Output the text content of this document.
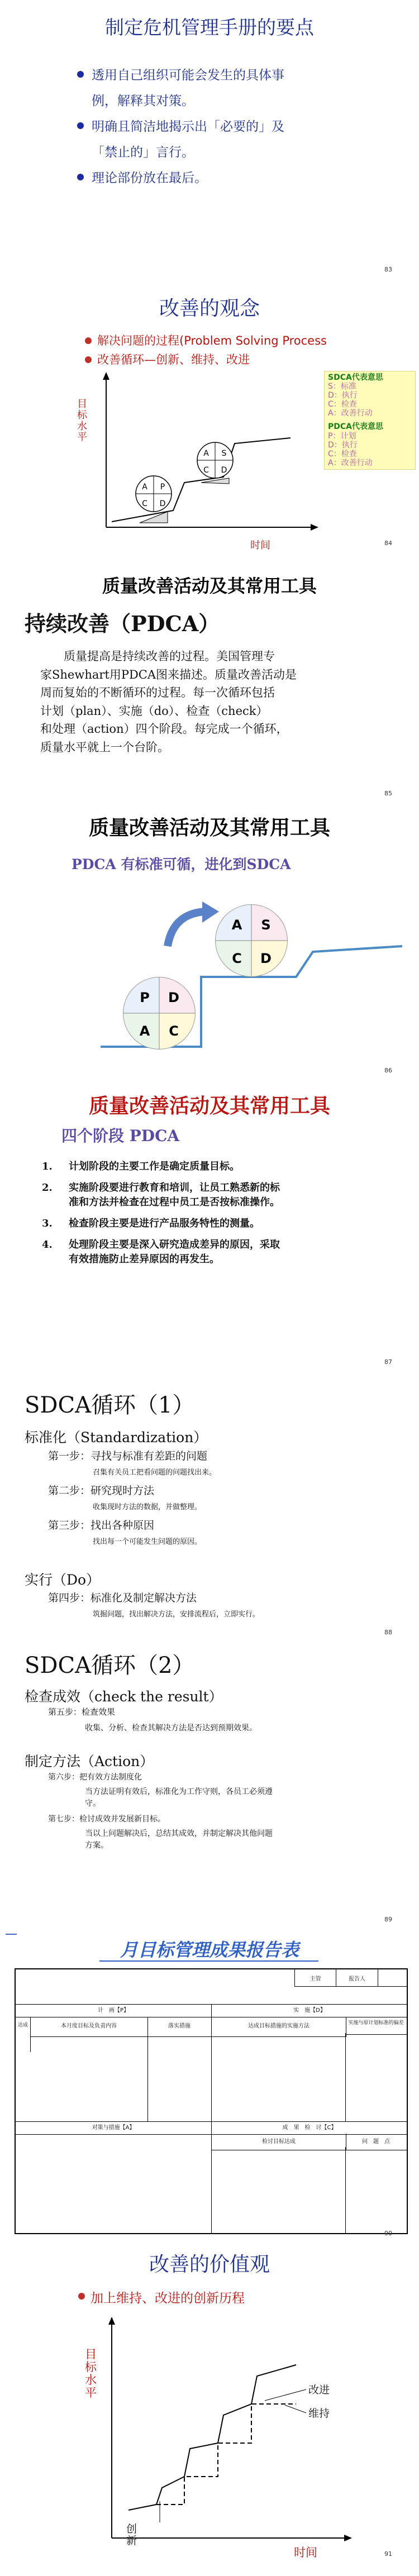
制定危机管理手册的要点
透用自己组织可能会发生的具体事
例，解释其对策。
明确且简洁地揭示出「必要的」及
「禁止的」言行。
理论部份放在最后。
83
改善的观念
解决问题的过程(Problem Solving Process
改善循环—创新、维持、改进
A P
D
C
A S
D
C
目标水平
时间
SDCA代表意思
S：标准
D：执行
C：检查
A：改善行动
PDCA代表意思
P：计划
D：执行
C：检查
A：改善行动
84
质量改善活动及其常用工具
持续改善（PDCA）
质量提高是持续改善的过程。美国管理专
家Shewhart用PDCA图来描述。质量改善活动是
周而复始的不断循环的过程。每一次循环包括
计划（plan）、实施（do）、检查（check）
和处理（action）四个阶段。每完成一个循环，
质量水平就上一个台阶。
85
质量改善活动及其常用工具
PDCA 有标准可循，进化到SDCA
P D
A C
A S
C D
86
质量改善活动及其常用工具
四个阶段 PDCA
1.	计划阶段的主要工作是确定质量目标。
2.	实施阶段要进行教育和培训，让员工熟悉新的标
准和方法并检查在过程中员工是否按标准操作。
3.	检查阶段主要是进行产品服务特性的测量。
4.	处理阶段主要是深入研究造成差异的原因，采取
有效措施防止差异原因的再发生。
87
SDCA循环（1）
标准化（Standardization）
第一步：寻找与标准有差距的问题
召集有关员工把看问题的问题找出来。
第二步：研究现时方法
收集现时方法的数据，并做整理。
第三步：找出各种原因
找出每一个可能发生问题的原因。
实行（Do）
第四步：标准化及制定解决方法
筑掘问题，找出解决方法，安排流程后，立即实行。
88
SDCA循环（2）
检查成效（check the result）
第五步：检查效果
收集、分析、检查其解决方法是否达到预期效果。
制定方法（Action）
第六步：把有效方法制度化
当方法证明有效后，标准化为工作守则，各员工必须遵
守。
第七步：检讨成效并发展新目标。
当以上问题解决后，总结其成效，并制定解决其他问题
方案。
89
月目标管理成果报告表
主管	报告人
计　画【P】	实　施【D】
达成	本月度目标及负责内容	落实措施	达成目标措施的实施方法	实施与原计划标准的偏差
对策与措施【A】	成　果　检　讨【C】
检讨目标达成	问　题　点
90
改善的价值观
加上维持、改进的创新历程
目标水平	改进
维持
创新
时间	91
